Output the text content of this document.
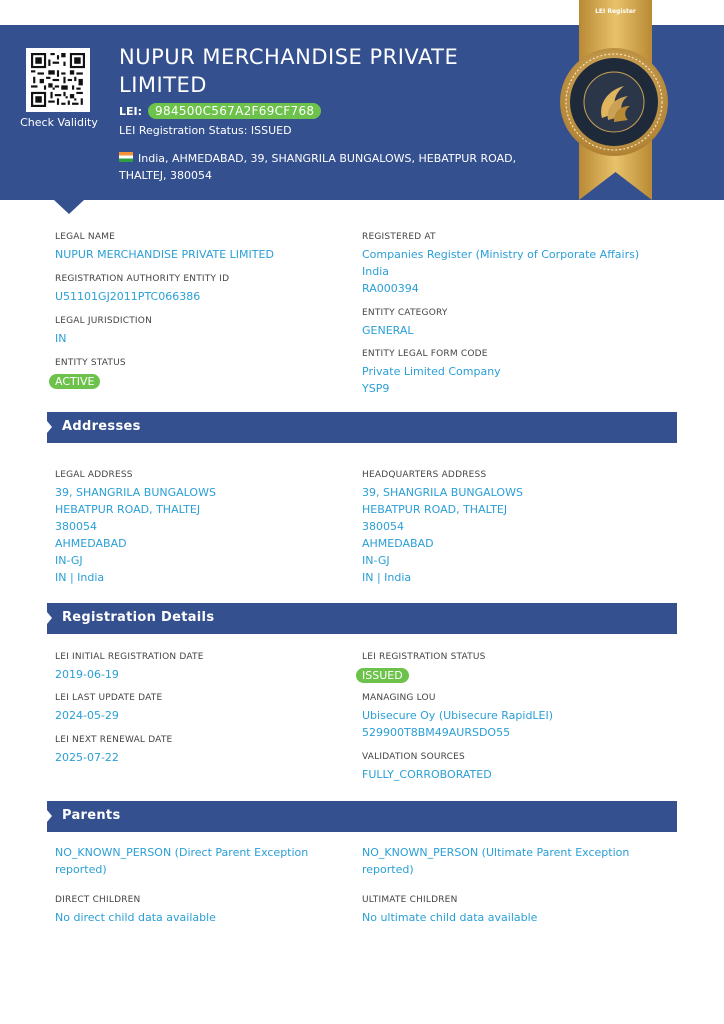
Check Validity
NUPUR MERCHANDISE PRIVATE LIMITED
LEI:	984500C567A2F69CF768
LEI Registration Status: ISSUED
India, AHMEDABAD, 39, SHANGRILA BUNGALOWS, HEBATPUR ROAD, THALTEJ, 380054
LEI Register
LEGAL NAME
NUPUR MERCHANDISE PRIVATE LIMITED
REGISTRATION AUTHORITY ENTITY ID
U51101GJ2011PTC066386
LEGAL JURISDICTION
IN
ENTITY STATUS
ACTIVE
REGISTERED AT
Companies Register (Ministry of Corporate Affairs)
India
RA000394
ENTITY CATEGORY
GENERAL
ENTITY LEGAL FORM CODE
Private Limited Company
YSP9
Addresses
LEGAL ADDRESS
39, SHANGRILA BUNGALOWS
HEBATPUR ROAD, THALTEJ
380054
AHMEDABAD
IN-GJ
IN | India
HEADQUARTERS ADDRESS
39, SHANGRILA BUNGALOWS
HEBATPUR ROAD, THALTEJ
380054
AHMEDABAD
IN-GJ
IN | India
Registration Details
LEI INITIAL REGISTRATION DATE
2019-06-19
LEI LAST UPDATE DATE
2024-05-29
LEI NEXT RENEWAL DATE
2025-07-22
LEI REGISTRATION STATUS
ISSUED
MANAGING LOU
Ubisecure Oy (Ubisecure RapidLEI)
529900T8BM49AURSDO55
VALIDATION SOURCES
FULLY_CORROBORATED
Parents
NO_KNOWN_PERSON (Direct Parent Exception
reported)
NO_KNOWN_PERSON (Ultimate Parent Exception
reported)
DIRECT CHILDREN
No direct child data available
ULTIMATE CHILDREN
No ultimate child data available
